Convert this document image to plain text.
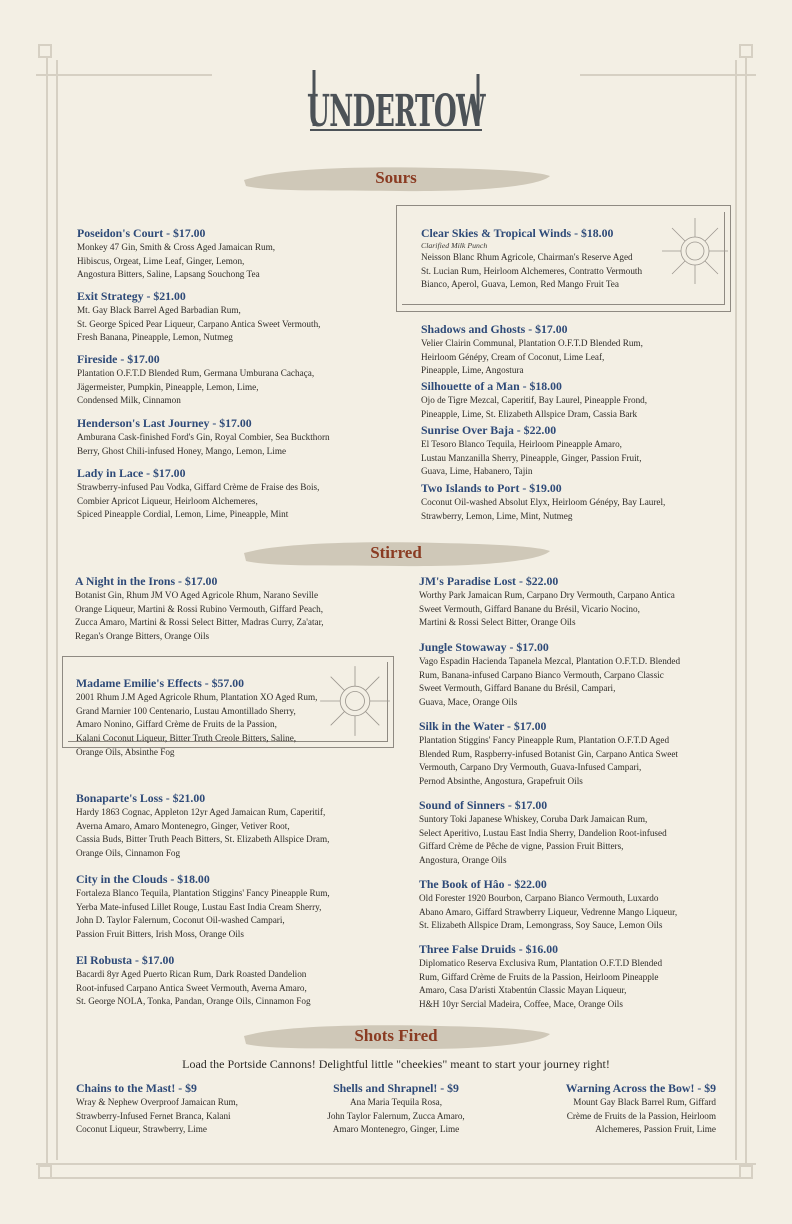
UNDERTOW
Sours
Poseidon's Court - $17.00
Monkey 47 Gin, Smith & Cross Aged Jamaican Rum,
Hibiscus, Orgeat, Lime Leaf, Ginger, Lemon,
Angostura Bitters, Saline, Lapsang Souchong Tea
Exit Strategy - $21.00
Mt. Gay Black Barrel Aged Barbadian Rum,
St. George Spiced Pear Liqueur, Carpano Antica Sweet Vermouth,
Fresh Banana, Pineapple, Lemon, Nutmeg
Fireside - $17.00
Plantation O.F.T.D Blended Rum, Germana Umburana Cachaça,
Jägermeister, Pumpkin, Pineapple, Lemon, Lime,
Condensed Milk, Cinnamon
Henderson's Last Journey - $17.00
Amburana Cask-finished Ford's Gin, Royal Combier, Sea Buckthorn
Berry, Ghost Chili-infused Honey, Mango, Lemon, Lime
Lady in Lace - $17.00
Strawberry-infused Pau Vodka, Giffard Crème de Fraise des Bois,
Combier Apricot Liqueur, Heirloom Alchemeres,
Spiced Pineapple Cordial, Lemon, Lime, Pineapple, Mint
Clear Skies & Tropical Winds - $18.00
Clarified Milk Punch
Neisson Blanc Rhum Agricole, Chairman's Reserve Aged
St. Lucian Rum, Heirloom Alchemeres, Contratto Vermouth
Bianco, Aperol, Guava, Lemon, Red Mango Fruit Tea
Shadows and Ghosts - $17.00
Velier Clairin Communal, Plantation O.F.T.D Blended Rum,
Heirloom Génépy, Cream of Coconut, Lime Leaf,
Pineapple, Lime, Angostura
Silhouette of a Man - $18.00
Ojo de Tigre Mezcal, Caperitif, Bay Laurel, Pineapple Frond,
Pineapple, Lime, St. Elizabeth Allspice Dram, Cassia Bark
Sunrise Over Baja - $22.00
El Tesoro Blanco Tequila, Heirloom Pineapple Amaro,
Lustau Manzanilla Sherry, Pineapple, Ginger, Passion Fruit,
Guava, Lime, Habanero, Tajin
Two Islands to Port - $19.00
Coconut Oil-washed Absolut Elyx, Heirloom Génépy, Bay Laurel,
Strawberry, Lemon, Lime, Mint, Nutmeg
Stirred
A Night in the Irons - $17.00
Botanist Gin, Rhum JM VO Aged Agricole Rhum, Narano Seville
Orange Liqueur, Martini & Rossi Rubino Vermouth, Giffard Peach,
Zucca Amaro, Martini & Rossi Select Bitter, Madras Curry, Za'atar,
Regan's Orange Bitters, Orange Oils
Madame Emilie's Effects - $57.00
2001 Rhum J.M Aged Agricole Rhum, Plantation XO Aged Rum,
Grand Marnier 100 Centenario, Lustau Amontillado Sherry,
Amaro Nonino, Giffard Crème de Fruits de la Passion,
Kalani Coconut Liqueur, Bitter Truth Creole Bitters, Saline,
Orange Oils, Absinthe Fog
Bonaparte's Loss - $21.00
Hardy 1863 Cognac, Appleton 12yr Aged Jamaican Rum, Caperitif,
Averna Amaro, Amaro Montenegro, Ginger, Vetiver Root,
Cassia Buds, Bitter Truth Peach Bitters, St. Elizabeth Allspice Dram,
Orange Oils, Cinnamon Fog
City in the Clouds - $18.00
Fortaleza Blanco Tequila, Plantation Stiggins' Fancy Pineapple Rum,
Yerba Mate-infused Lillet Rouge, Lustau East India Cream Sherry,
John D. Taylor Falernum, Coconut Oil-washed Campari,
Passion Fruit Bitters, Irish Moss, Orange Oils
El Robusta - $17.00
Bacardi 8yr Aged Puerto Rican Rum, Dark Roasted Dandelion
Root-infused Carpano Antica Sweet Vermouth, Averna Amaro,
St. George NOLA, Tonka, Pandan, Orange Oils, Cinnamon Fog
JM's Paradise Lost - $22.00
Worthy Park Jamaican Rum, Carpano Dry Vermouth, Carpano Antica
Sweet Vermouth, Giffard Banane du Brésil, Vicario Nocino,
Martini & Rossi Select Bitter, Orange Oils
Jungle Stowaway - $17.00
Vago Espadin Hacienda Tapanela Mezcal, Plantation O.F.T.D. Blended
Rum, Banana-infused Carpano Bianco Vermouth, Carpano Classic
Sweet Vermouth, Giffard Banane du Brésil, Campari,
Guava, Mace, Orange Oils
Silk in the Water - $17.00
Plantation Stiggins' Fancy Pineapple Rum, Plantation O.F.T.D Aged
Blended Rum, Raspberry-infused Botanist Gin, Carpano Antica Sweet
Vermouth, Carpano Dry Vermouth, Guava-Infused Campari,
Pernod Absinthe, Angostura, Grapefruit Oils
Sound of Sinners - $17.00
Suntory Toki Japanese Whiskey, Coruba Dark Jamaican Rum,
Select Aperitivo, Lustau East India Sherry, Dandelion Root-infused
Giffard Crème de Pêche de vigne, Passion Fruit Bitters,
Angostura, Orange Oils
The Book of Hâo - $22.00
Old Forester 1920 Bourbon, Carpano Bianco Vermouth, Luxardo
Abano Amaro, Giffard Strawberry Liqueur, Vedrenne Mango Liqueur,
St. Elizabeth Allspice Dram, Lemongrass, Soy Sauce, Lemon Oils
Three False Druids - $16.00
Diplomatico Reserva Exclusiva Rum, Plantation O.F.T.D Blended
Rum, Giffard Crème de Fruits de la Passion, Heirloom Pineapple
Amaro, Casa D'aristi Xtabentún Classic Mayan Liqueur,
H&H 10yr Sercial Madeira, Coffee, Mace, Orange Oils
Shots Fired
Load the Portside Cannons! Delightful little "cheekies" meant to start your journey right!
Chains to the Mast! - $9
Wray & Nephew Overproof Jamaican Rum,
Strawberry-Infused Fernet Branca, Kalani
Coconut Liqueur, Strawberry, Lime
Shells and Shrapnel! - $9
Ana Maria Tequila Rosa,
John Taylor Falernum, Zucca Amaro,
Amaro Montenegro, Ginger, Lime
Warning Across the Bow! - $9
Mount Gay Black Barrel Rum, Giffard
Crème de Fruits de la Passion, Heirloom
Alchemeres, Passion Fruit, Lime
